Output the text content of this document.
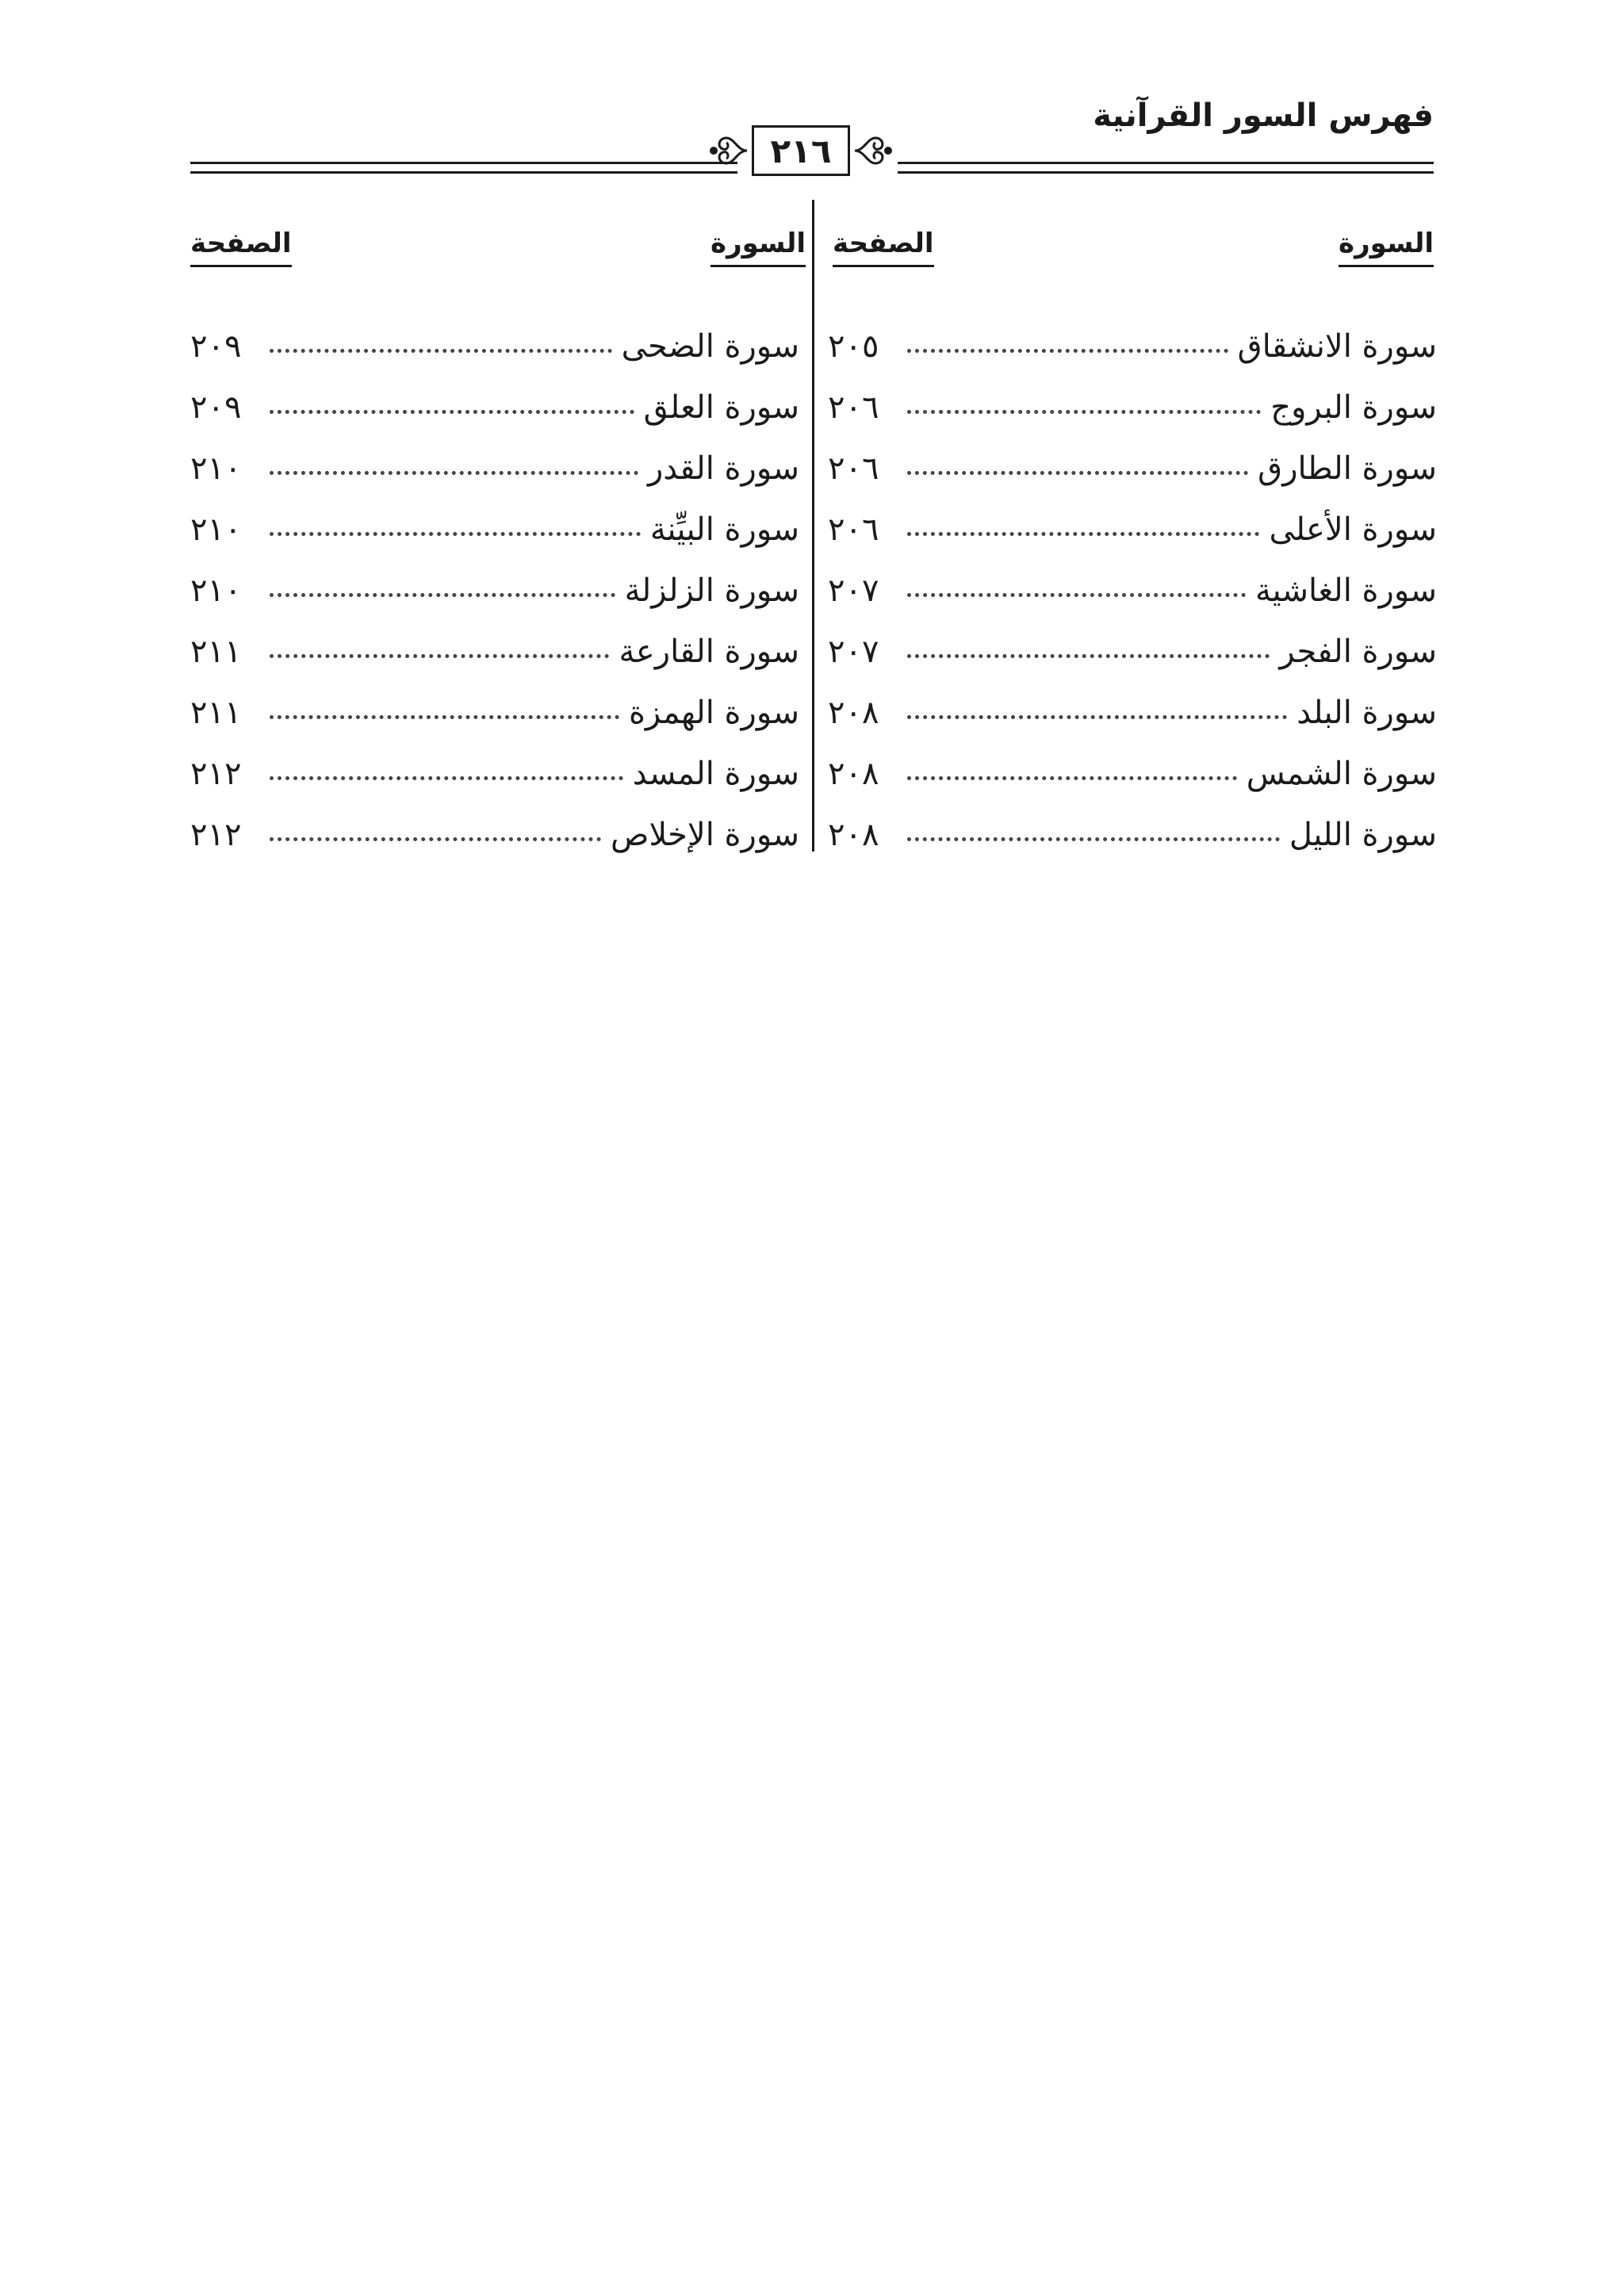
فهرس السور القرآنية
٢١٦
السورة
الصفحة
السورة
الصفحة
سورة الانشقاق
٢٠٥
سورة البروج
٢٠٦
سورة الطارق
٢٠٦
سورة الأعلى
٢٠٦
سورة الغاشية
٢٠٧
سورة الفجر
٢٠٧
سورة البلد
٢٠٨
سورة الشمس
٢٠٨
سورة الليل
٢٠٨
سورة الضحى
٢٠٩
سورة العلق
٢٠٩
سورة القدر
٢١٠
سورة البيِّنة
٢١٠
سورة الزلزلة
٢١٠
سورة القارعة
٢١١
سورة الهمزة
٢١١
سورة المسد
٢١٢
سورة الإخلاص
٢١٢
